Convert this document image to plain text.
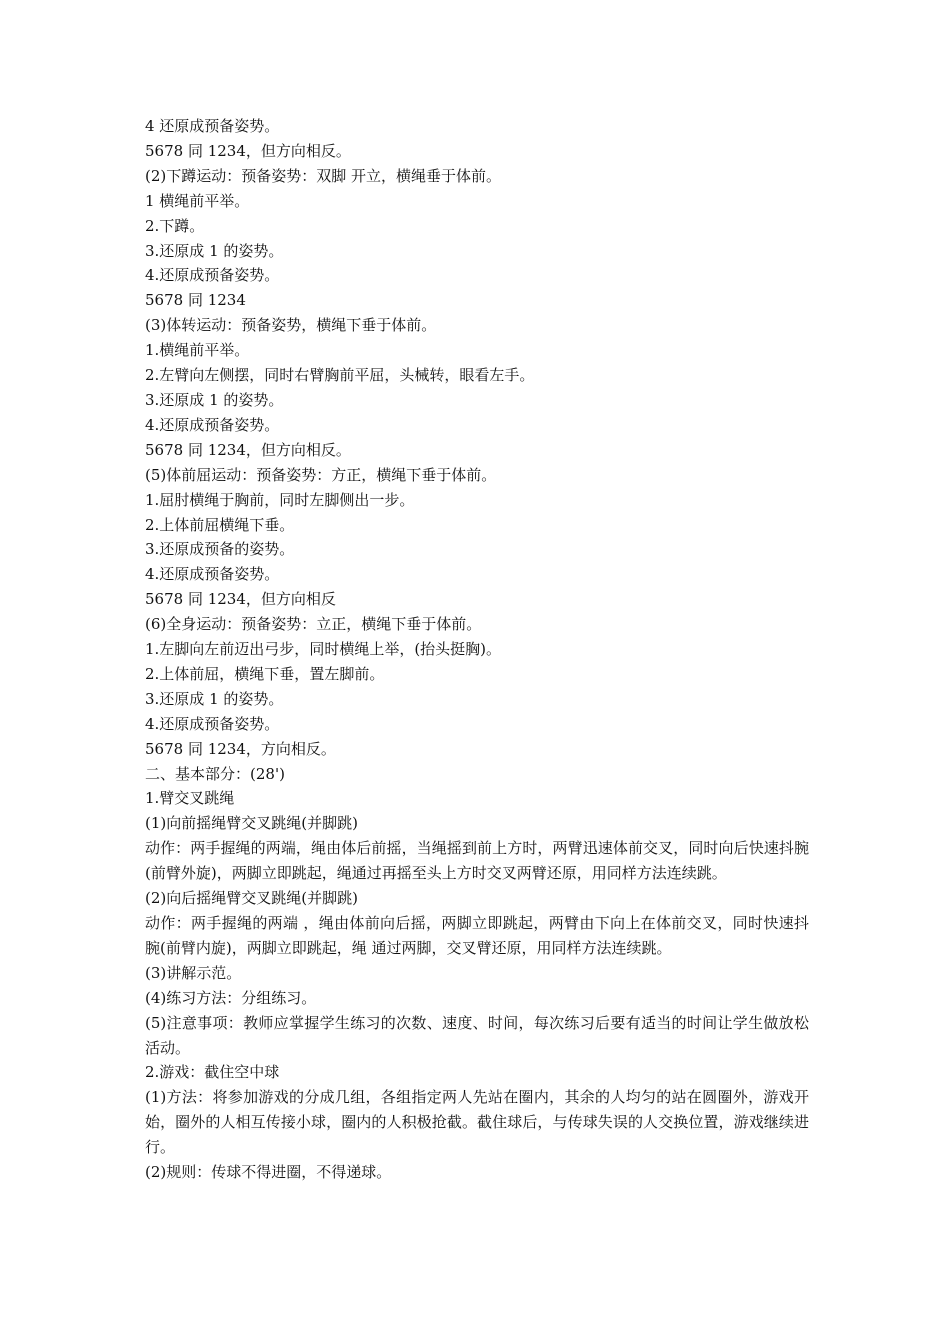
4 还原成预备姿势。

5678 同 1234，但方向相反。

(2)下蹲运动：预备姿势：双脚 开立，横绳垂于体前。

1 横绳前平举。

2.下蹲。

3.还原成 1 的姿势。

4.还原成预备姿势。

5678 同 1234

(3)体转运动：预备姿势，横绳下垂于体前。

1.横绳前平举。

2.左臂向左侧摆，同时右臂胸前平屈，头械转，眼看左手。

3.还原成 1 的姿势。

4.还原成预备姿势。

5678 同 1234，但方向相反。

(5)体前屈运动：预备姿势：方正，横绳下垂于体前。

1.屈肘横绳于胸前，同时左脚侧出一步。

2.上体前屈横绳下垂。

3.还原成预备的姿势。

4.还原成预备姿势。

5678 同 1234，但方向相反

(6)全身运动：预备姿势：立正，横绳下垂于体前。

1.左脚向左前迈出弓步，同时横绳上举，(抬头挺胸)。

2.上体前屈，横绳下垂，置左脚前。

3.还原成 1 的姿势。

4.还原成预备姿势。

5678 同 1234，方向相反。

二、基本部分：(28')

1.臂交叉跳绳

(1)向前摇绳臂交叉跳绳(并脚跳)

动作：两手握绳的两端，绳由体后前摇，当绳摇到前上方时，两臂迅速体前交叉，同时向后快速抖腕(前臂外旋)，两脚立即跳起，绳通过再摇至头上方时交叉两臂还原，用同样方法连续跳。

(2)向后摇绳臂交叉跳绳(并脚跳)

动作：两手握绳的两端 ，绳由体前向后摇，两脚立即跳起，两臂由下向上在体前交叉，同时快速抖腕(前臂内旋)，两脚立即跳起，绳 通过两脚，交叉臂还原，用同样方法连续跳。

(3)讲解示范。

(4)练习方法：分组练习。

(5)注意事项：教师应掌握学生练习的次数、速度、时间，每次练习后要有适当的时间让学生做放松活动。

2.游戏：截住空中球

(1)方法：将参加游戏的分成几组，各组指定两人先站在圈内，其余的人均匀的站在圆圈外，游戏开始，圈外的人相互传接小球，圈内的人积极抢截。截住球后，与传球失误的人交换位置，游戏继续进行。

(2)规则：传球不得进圈，不得递球。
